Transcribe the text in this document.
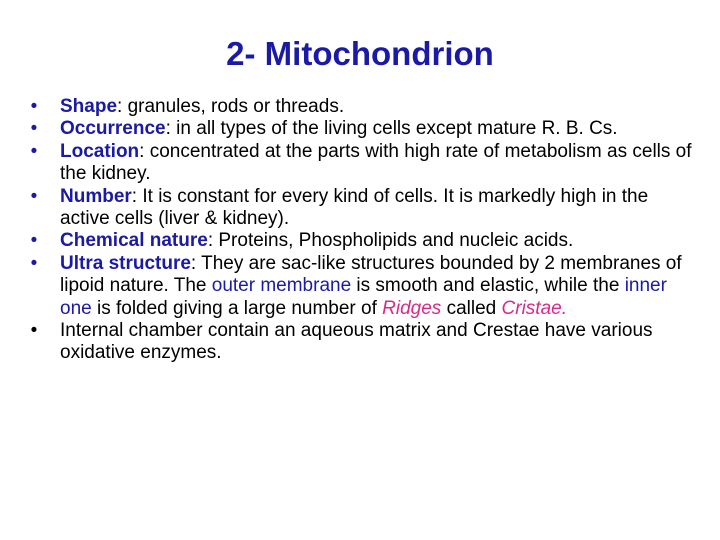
2- Mitochondrion
• Shape: granules, rods or threads.
• Occurrence: in all types of the living cells except mature R. B. Cs.
• Location: concentrated at the parts with high rate of metabolism as cells of the kidney.
• Number: It is constant for every kind of cells. It is markedly high in the active cells (liver & kidney).
• Chemical nature: Proteins, Phospholipids and nucleic acids.
• Ultra structure: They are sac-like structures bounded by 2 membranes of lipoid nature. The outer membrane is smooth and elastic, while the inner one is folded giving a large number of Ridges called Cristae.
• Internal chamber contain an aqueous matrix and Crestae have various oxidative enzymes.
